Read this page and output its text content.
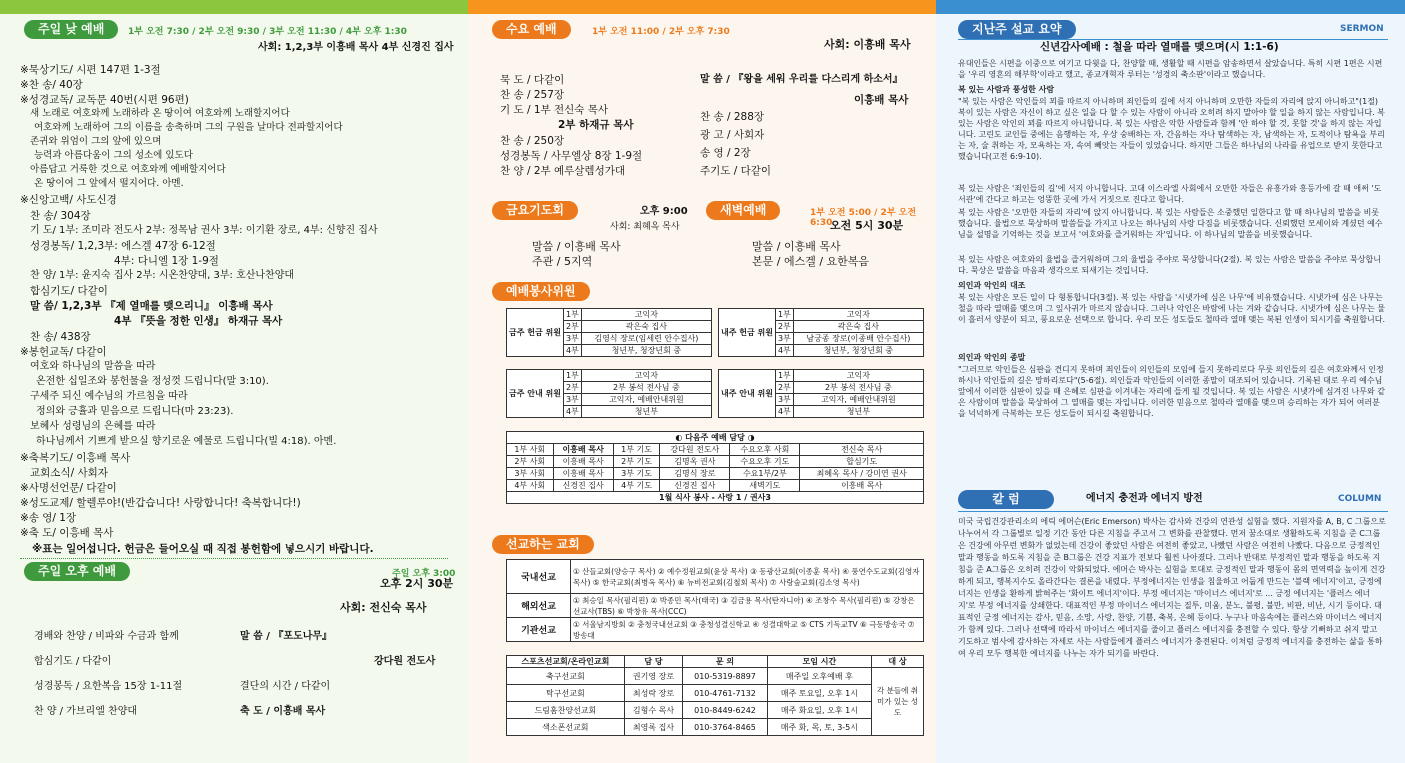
주일 낮 예배	1부 오전 7:30 / 2부 오전 9:30 / 3부 오전 11:30 / 4부 오후 1:30
사회: 1,2,3부 이흥배 목사 4부 신경진 집사
※묵상기도/ 시편 147편 1-3절
※찬 송/ 40장
※성경교독/ 교독문 40번(시편 96편)
새 노래로 여호와께 노래하라 온 땅이여 여호와께 노래할지어다
여호와께 노래하여 그의 이름을 송축하며 그의 구원을 날마다 전파할지어다
존귀와 위엄이 그의 앞에 있으며
능력과 아름다움이 그의 성소에 있도다
아름답고 거룩한 것으로 여호와께 예배할지어다
온 땅이여 그 앞에서 떨지어다. 아멘.
※신앙고백/ 사도신경
찬 송/ 304장
기 도/ 1부: 조미라 전도사 2부: 정목남 권사 3부: 이기환 장로, 4부: 신향진 집사
성경봉독/ 1,2,3부: 에스겔 47장 6-12절
4부: 다니엘 1장 1-9절
찬 양/ 1부: 윤지숙 집사 2부: 시온찬양대, 3부: 호산나찬양대
합심기도/ 다같이
말 씀/ 1,2,3부 『제 열매를 맺으리니』 이흥배 목사
4부 『뜻을 정한 인생』 하재규 목사
찬 송/ 438장
※봉헌교독/ 다같이
여호와 하나님의 말씀을 따라
온전한 십일조와 봉헌물을 정성껏 드립니다(말 3:10).
구세주 되신 예수님의 가르침을 따라
정의와 긍휼과 믿음으로 드립니다(마 23:23).
보혜사 성령님의 은혜를 따라
하나님께서 기쁘게 받으실 향기로운 예물로 드립니다(빌 4:18). 아멘.
※축복기도/ 이흥배 목사
교회소식/ 사회자
※사명선언문/ 다같이
※성도교제/ 할렐루야!(반갑습니다! 사랑합니다! 축복합니다!)
※송 영/ 1장
※축 도/ 이흥배 목사
※표는 일어섭니다. 헌금은 들어오실 때 직접 봉헌함에 넣으시기 바랍니다.
주일 오후 예배	주일 오후 3:00
오후 2시 30분
사회: 전신숙 목사
경배와 찬양 / 비파와 수금과 함께	말 씀 / 『포도나무』
합심기도 / 다같이	강다원 전도사
성경봉독 / 요한복음 15장 1-11절	결단의 시간 / 다같이
찬 양 / 가브리엘 찬양대	축 도 / 이흥배 목사
수요 예배	1부 오전 11:00 / 2부 오후 7:30
사회: 이흥배 목사
묵 도 / 다같이
찬 송 / 257장
기 도 / 1부 전신숙 목사
2부 하재규 목사
찬 송 / 250장
성경봉독 / 사무엘상 8장 1-9절
찬 양 / 2부 예루살렘성가대
말 씀 / 『왕을 세워 우리를 다스리게 하소서』
이흥배 목사
찬 송 / 288장
광 고 / 사회자
송 영 / 2장
주기도 / 다같이
금요기도회	오후 9:00
사회: 최혜옥 목사
말씀 / 이흥배 목사
주관 / 5지역
새벽예배	1부 오전 5:00 / 2부 오전 6:30
오전 5시 30분
말씀 / 이흥배 목사
본문 / 에스겔 / 요한복음
예배봉사위원
금주 헌금 위원	1부	고익자
	2부	곽은숙 집사
	3부	김영식 장로(임세련 안수집사)
	4부	청년부, 청장년회 중
내주 헌금 위원	1부	고익자
	2부	곽은숙 집사
	3부	남궁종 장로(이종배 안수집사)
	4부	청년부, 청장년회 중
금주 안내 위원	1부	고익자
	2부	2부 봉석 전사님 중
	3부	고익자, 예배안내위원
	4부	청년부
내주 안내 위원	1부	고익자
	2부	2부 봉석 전사님 중
	3부	고익자, 예배안내위원
	4부	청년부
◐ 다음주 예배 담당 ◑					
1부 사회	이흥배 목사	1부 기도	강다원 전도사	수요오후 사회	전신숙 목사
2부 사회	이흥배 목사	2부 기도	김명옥 권사	수요오후 기도	합심기도
3부 사회	이흥배 목사	3부 기도	김명식 장로	수요1부/2부	최혜옥 목사 / 강미연 권사
4부 사회	신경진 집사	4부 기도	신경진 집사	새벽기도	이흥배 목사
1월 식사 봉사 - 사랑 1 / 권사3					
선교하는 교회
국내선교	① 산들교회(양승구 목사) ② 예수정원교회(윤상 목사) ③ 동광산교회(이종훈 목사) ④ 풍연수도교회(김영자 목사) ⑤ 한국교회(최병옥 목사) ⑥ 뉴비전교회(김철회 목사) ⑦ 사랑숲교회(김소영 목사)
해외선교	① 최승일 목사(필리핀) ② 박종민 목사(태국) ③ 김금용 목사(탄자니아) ④ 조창수 목사(필리핀) ⑤ 강창은 선교사(TBS) ⑥ 박창유 목사(CCC)
기관선교	① 서울남지방회 ② 충청국내선교회 ③ 충청성결신학교 ④ 성결대학교 ⑤ CTS 기독교TV ⑥ 극동방송국 ⑦ 방송대
스포츠선교회/온라인교회	담 당	문 의	모임 시간	대 상
축구선교회	권기영 장로	010-5319-8897	매주일 오후예배 후	각 분들에 취미가 있는 성도
탁구선교회	최성락 장로	010-4761-7132	매주 토요일, 오후 1시	
드림홈찬양선교회	김형수 목사	010-8449-6242	매주 화요일, 오후 1시	
색소폰선교회	최영록 집사	010-3764-8465	매주 화, 목, 토, 3-5시	
지난주 설교 요약	SERMON
신년감사예배 : 철을 따라 열매를 맺으며(시 1:1-6)
유대인들은 시편을 이중으로 여기고 다윗을 다, 찬양할 때, 생활할 때 시편을 암송하면서 살았습니다. 특히 시편 1편은 시편을 '우리 영혼의 해부학'이라고 했고, 종교개혁자 루터는 '성경의 축소판'이라고 했습니다.
복 있는 사람과 풍성한 사람
"복 있는 사람은 악인들의 꾀를 따르지 아니하며 죄인들의 길에 서지 아니하며 오만한 자들의 자리에 앉지 아니하고"(1절) 복이 있는 사람은 자신이 하고 싶은 일을 다 할 수 있는 사람이 아니라 오히려 하지 말아야 할 일을 하지 않는 사람입니다. 복 있는 사람은 악인의 꾀를 따르지 아니합니다. 복 있는 사람은 악한 사람들과 함께 '안 하야 할 것, 못할 것'을 하지 않는 자입니다. 고린도 교인들 중에는 음행하는 자, 우상 숭배하는 자, 간음하는 자나 탐색하는 자, 남색하는 자, 도적이나 탐욕을 부리는 자, 술 취하는 자, 모욕하는 자, 속여 빼앗는 자들이 있었습니다. 하지만 그들은 하나님의 나라를 유업으로 받지 못한다고 했습니다(고전 6:9-10).
복 있는 사람은 '죄인들의 길'에 서지 아니합니다. 고대 이스라엘 사회에서 오만한 자들은 유흥가와 흥등가에 갈 때 애써 '도서관'에 간다고 하고는 엉뚱한 곳에 가서 거짓으로 진다고 합니다.
복 있는 사람은 '오만한 자들의 자리'에 앉지 아니합니다. 복 있는 사람들은 소중했던 일한다고 할 때 하나님의 말씀을 비롯했습니다. 율법으로 묵상하며 말씀들을 가지고 나오는 하나님의 사랑 다짐을 비롯했습니다. 신뢰했던 모세이와 계셨던 예수님을 설명을 기억하는 것을 보고서 '여호와를 즐거워하는 자'입니다. 이 하나님의 말씀을 비롯했습니다.
복 있는 사람은 여호와의 율법을 즐거워하며 그의 율법을 주야로 묵상합니다(2절). 복 있는 사람은 말씀을 주야로 묵상합니다. 묵상은 말씀을 마음과 생각으로 되새기는 것입니다.
의인과 악인의 대조
복 있는 사람은 모든 일이 다 형통합니다(3절). 복 있는 사람을 '시냇가에 심은 나무'에 비유했습니다. 시냇가에 심은 나무는 철을 따라 열매를 맺으며 그 잎사귀가 마르지 않습니다. 그러나 악인은 바람에 나는 겨와 같습니다. 시냇가에 심은 나무는 물이 흘러서 양분이 되고, 풍요로운 선택으로 합니다. 우리 모든 성도들도 철따라 열매 맺는 복된 인생이 되시기를 축원합니다.
의인과 악인의 종말
"그러므로 악인들은 심판을 견디지 못하며 죄인들이 의인들의 모임에 들지 못하리로다 무릇 의인들의 길은 여호와께서 인정하시나 악인들의 길은 망하리로다"(5-6절). 의인들과 악인들의 이러한 종말이 대조되어 있습니다. 기록된 대로 우리 예수님 앞에서 이러한 심판이 있을 때 은혜로 심판을 이겨내는 자리에 들게 될 것입니다. 복 있는 사람은 시냇가에 심겨진 나무와 같은 사람이며 말씀을 묵상하여 그 열매를 맺는 자입니다. 이러한 믿음으로 철따라 열매를 맺으며 승리하는 자가 되어 여러분을 넉넉하게 극복하는 모든 성도들이 되시길 축원합니다.
칼 럼	COLUMN
에너지 충전과 에너지 방전
미국 국립건강관리소의 에릭 에머슨(Eric Emerson) 박사는 감사와 건강의 연관성 실험을 했다. 지원자를 A, B, C 그룹으로 나누어서 각 그룹별로 일정 기간 동안 다른 지침을 주고서 그 변화를 관찰했다. 먼저 꿈소대로 생활하도록 지침을 준 C그룹은 건강에 아무런 변화가 없었는데 건강이 좋았던 사람은 여전히 좋았고, 나빴던 사람은 여전히 나빴다. 다음으로 긍정적인 말과 행동을 하도록 지침을 준 B그룹은 건강 지표가 전보다 훨씬 나아졌다. 그러나 반대로 부정적인 말과 행동을 하도록 지침을 준 A그룹은 오히려 건강이 악화되었다. 에머슨 박사는 실험을 토대로 긍정적인 말과 행동이 몸의 면역력을 높이게 건강하게 되고, 행복지수도 올라간다는 결론을 내렸다. 부정에너지는 인생을 침울하고 어둡게 만드는 '블랙 에너지'이고, 긍정에너지는 인생을 환하게 밝혀주는 '화이트 에너지'이다. 부정 에너지는 '마이너스 에너지'로 ... 긍정 에너지는 '플러스 에너지'로 부정 에너지를 상쇄한다. 대표적인 부정 마이너스 에너지는 질투, 미움, 분노, 불평, 불만, 비판, 비난, 시기 등이다. 대표적인 긍정 에너지는 감사, 믿음, 소망, 사랑, 찬양, 기쁨, 축복, 은혜 등이다. 누구나 마음속에는 플러스와 마이너스 에너지가 함께 있다. 그러나 선택에 따라서 마이너스 에너지를 줄이고 플러스 에너지를 충전할 수 있다. 항상 기뻐하고 쉬지 말고 기도하고 범사에 감사하는 자세로 사는 사람들에게 플러스 에너지가 충전된다. 이처럼 긍정적 에너지를 충전하는 삶을 통하여 우리 모두 행복한 에너지를 나누는 자가 되기를 바란다.
